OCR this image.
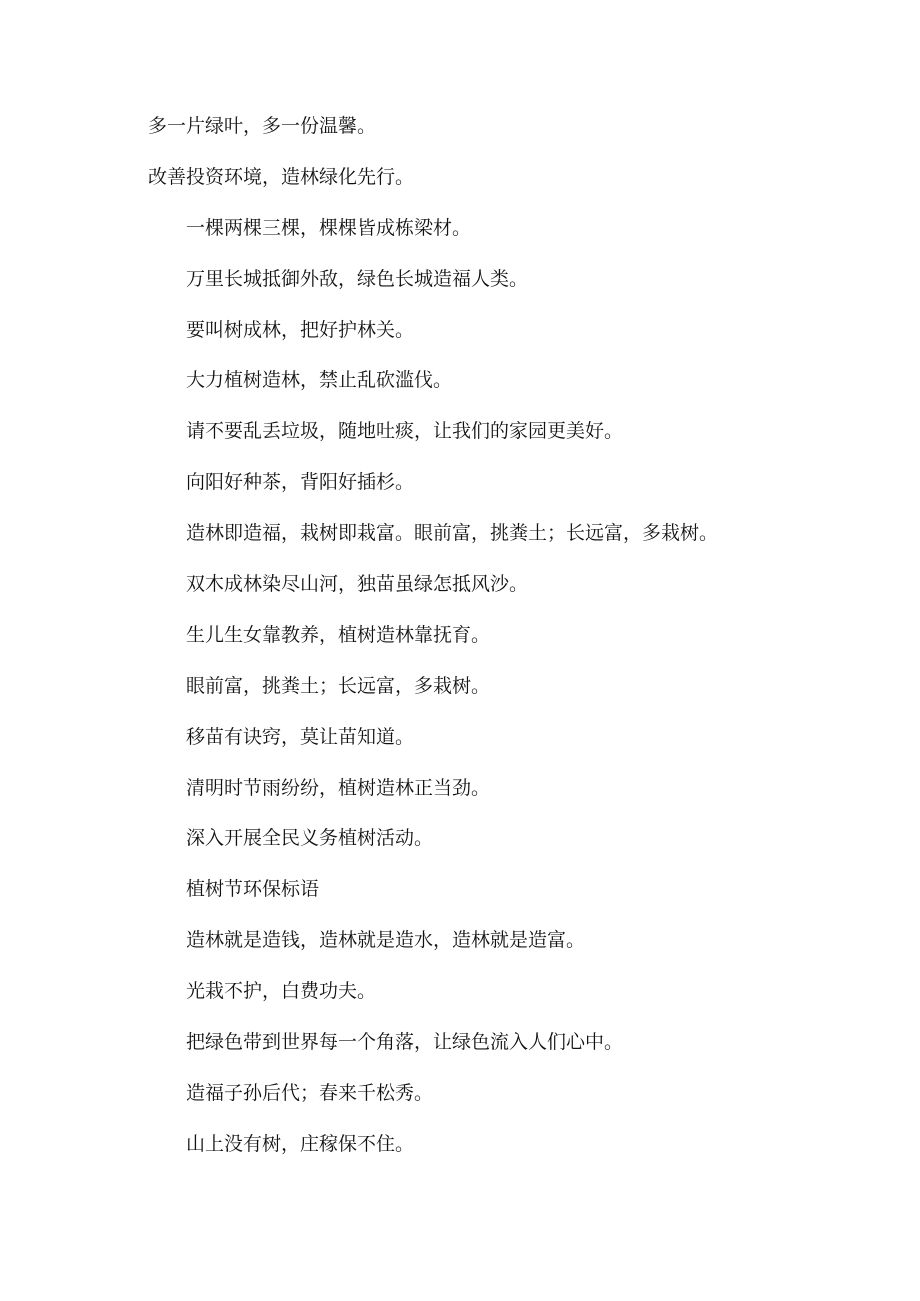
多一片绿叶，多一份温馨。
改善投资环境，造林绿化先行。
一棵两棵三棵，棵棵皆成栋梁材。
万里长城抵御外敌，绿色长城造福人类。
要叫树成林，把好护林关。
大力植树造林，禁止乱砍滥伐。
请不要乱丢垃圾，随地吐痰，让我们的家园更美好。
向阳好种茶，背阳好插杉。
造林即造福，栽树即栽富。眼前富，挑粪土；长远富，多栽树。
双木成林染尽山河，独苗虽绿怎抵风沙。
生儿生女靠教养，植树造林靠抚育。
眼前富，挑粪土；长远富，多栽树。
移苗有诀窍，莫让苗知道。
清明时节雨纷纷，植树造林正当劲。
深入开展全民义务植树活动。
植树节环保标语
造林就是造钱，造林就是造水，造林就是造富。
光栽不护，白费功夫。
把绿色带到世界每一个角落，让绿色流入人们心中。
造福子孙后代；春来千松秀。
山上没有树，庄稼保不住。
